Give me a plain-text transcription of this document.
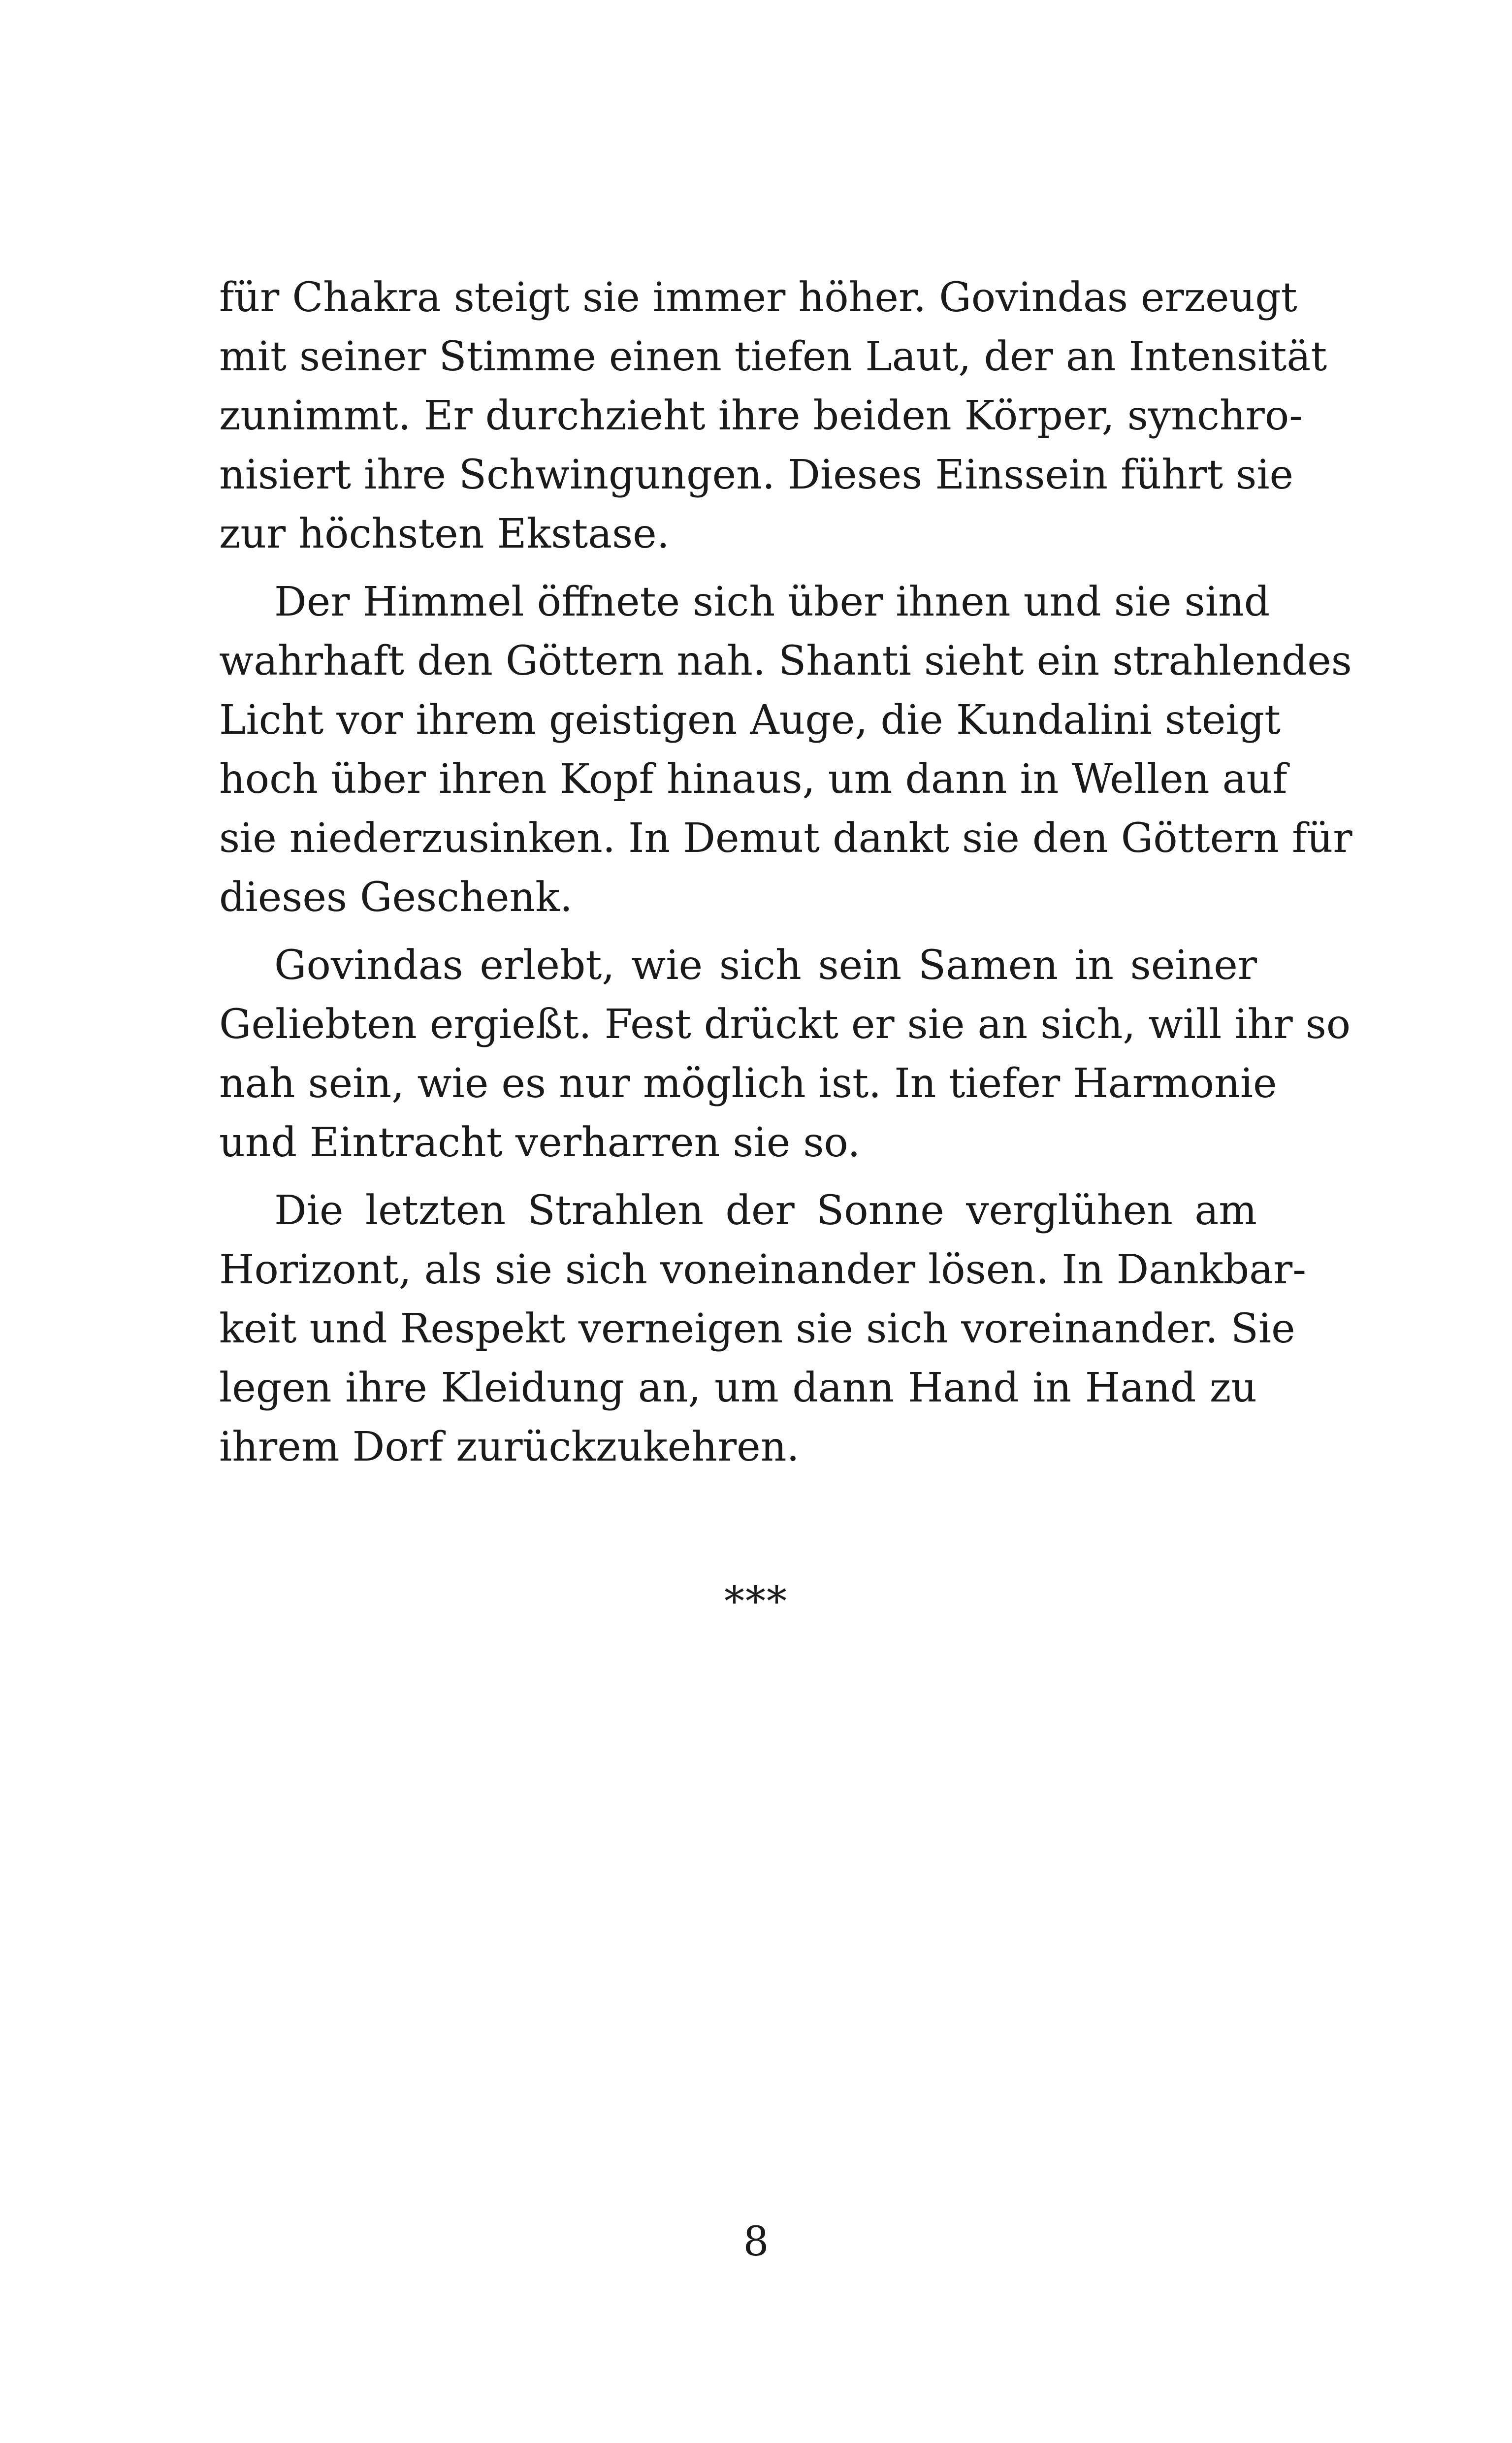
für Chakra steigt sie immer höher. Govindas erzeugt
mit seiner Stimme einen tiefen Laut, der an Intensität
zunimmt. Er durchzieht ihre beiden Körper, synchro-
nisiert ihre Schwingungen. Dieses Einssein führt sie
zur höchsten Ekstase.

Der Himmel öffnete sich über ihnen und sie sind
wahrhaft den Göttern nah. Shanti sieht ein strahlendes
Licht vor ihrem geistigen Auge, die Kundalini steigt
hoch über ihren Kopf hinaus, um dann in Wellen auf
sie niederzusinken. In Demut dankt sie den Göttern für
dieses Geschenk.

Govindas erlebt, wie sich sein Samen in seiner
Geliebten ergießt. Fest drückt er sie an sich, will ihr so
nah sein, wie es nur möglich ist. In tiefer Harmonie
und Eintracht verharren sie so.

Die letzten Strahlen der Sonne verglühen am
Horizont, als sie sich voneinander lösen. In Dankbar-
keit und Respekt verneigen sie sich voreinander. Sie
legen ihre Kleidung an, um dann Hand in Hand zu
ihrem Dorf zurückzukehren.

***
8
